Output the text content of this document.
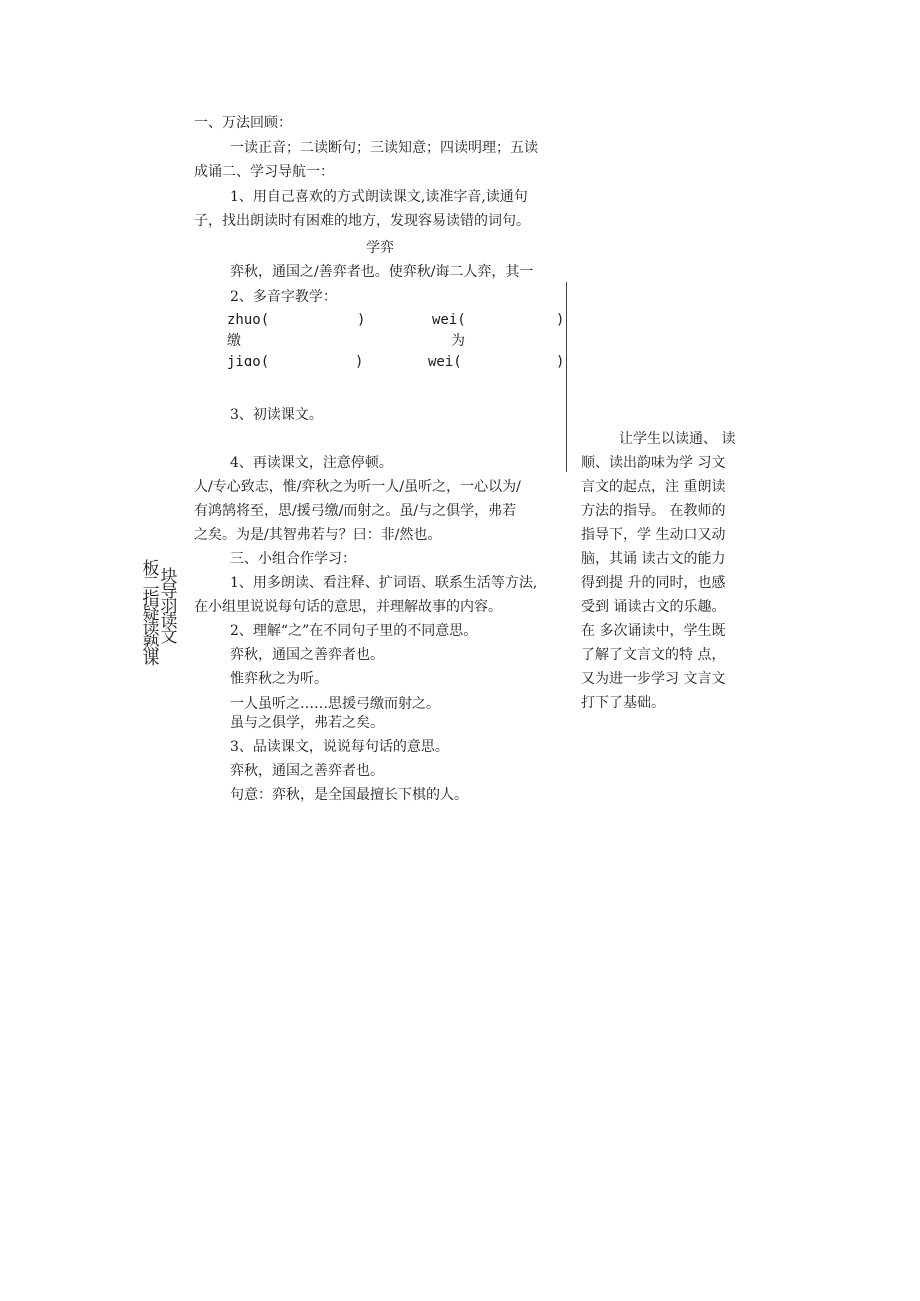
一、万法回顾：
一读正音；二读断句；三读知意；四读明理；五读
成诵二、学习导航一：
1、用自己喜欢的方式朗读课文,读准字音,读通句
子，找出朗读时有困难的地方，发现容易读错的词句。
学弈
弈秋，通国之/善弈者也。使弈秋/诲二人弈，其一
2、多音字教学：
zhuo(	)	wei(	)
缴	为
jiɑo(	)	wei(	)
3、初读课文。
4、再读课文，注意停顿。
人/专心致志，惟/弈秋之为听一人/虽听之，一心以为/
有鸿鹄将至，思/援弓缴/而射之。虽/与之俱学，弗若
之矣。为是/其智弗若与？曰：非/然也。
三、小组合作学习：
1、用多朗读、看注释、扩词语、联系生活等方法,
在小组里说说每句话的意思，并理解故事的内容。
2、理解“之”在不同句子里的不同意思。
弈秋，通国之善弈者也。
惟弈秋之为听。
一人虽听之……思援弓缴而射之。
虽与之俱学，弗若之矣。
3、品读课文，说说每句话的意思。
弈秋，通国之善弈者也。
句意：弈秋，是全国最擅长下棋的人。
板二指疑读熟课
块导羽读文
让学生以读通、 读
顺、读出韵味为学 习文
言文的起点，注 重朗读
方法的指导。 在教师的
指导下，学 生动口又动
脑，其诵 读古文的能力
得到提 升的同时，也感
受到 诵读古文的乐趣。
在 多次诵读中，学生既
了解了文言文的特 点，
又为进一步学习 文言文
打下了基础。
